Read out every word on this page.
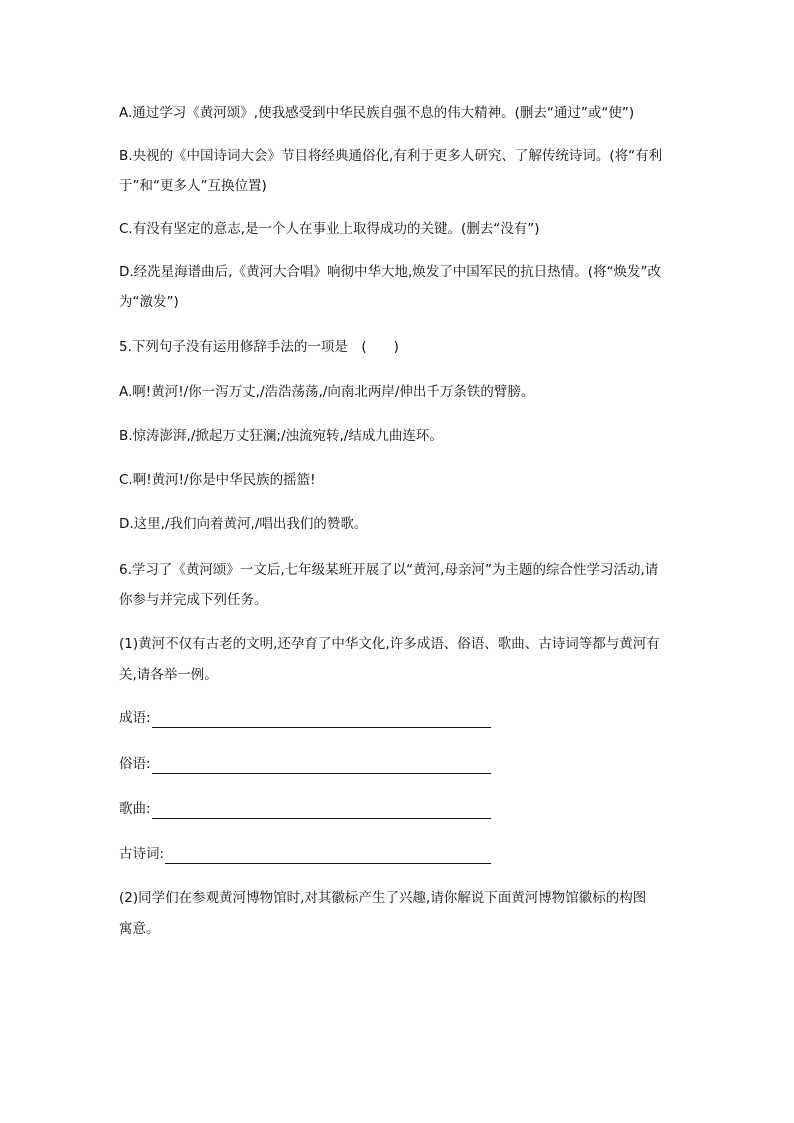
A.通过学习《黄河颂》,使我感受到中华民族自强不息的伟大精神。(删去“通过”或“使”)
B.央视的《中国诗词大会》节目将经典通俗化,有利于更多人研究、了解传统诗词。(将“有利
于”和“更多人”互换位置)
C.有没有坚定的意志,是一个人在事业上取得成功的关键。(删去“没有”)
D.经冼星海谱曲后,《黄河大合唱》响彻中华大地,焕发了中国军民的抗日热情。(将“焕发”改
为“激发”)
5.下列句子没有运用修辞手法的一项是　(　　)
A.啊!黄河!/你一泻万丈,/浩浩荡荡,/向南北两岸/伸出千万条铁的臂膀。
B.惊涛澎湃,/掀起万丈狂澜;/浊流宛转,/结成九曲连环。
C.啊!黄河!/你是中华民族的摇篮!
D.这里,/我们向着黄河,/唱出我们的赞歌。
6.学习了《黄河颂》一文后,七年级某班开展了以“黄河,母亲河”为主题的综合性学习活动,请
你参与并完成下列任务。
(1)黄河不仅有古老的文明,还孕育了中华文化,许多成语、俗语、歌曲、古诗词等都与黄河有
关,请各举一例。
成语:
俗语:
歌曲:
古诗词:
(2)同学们在参观黄河博物馆时,对其徽标产生了兴趣,请你解说下面黄河博物馆徽标的构图
寓意。
